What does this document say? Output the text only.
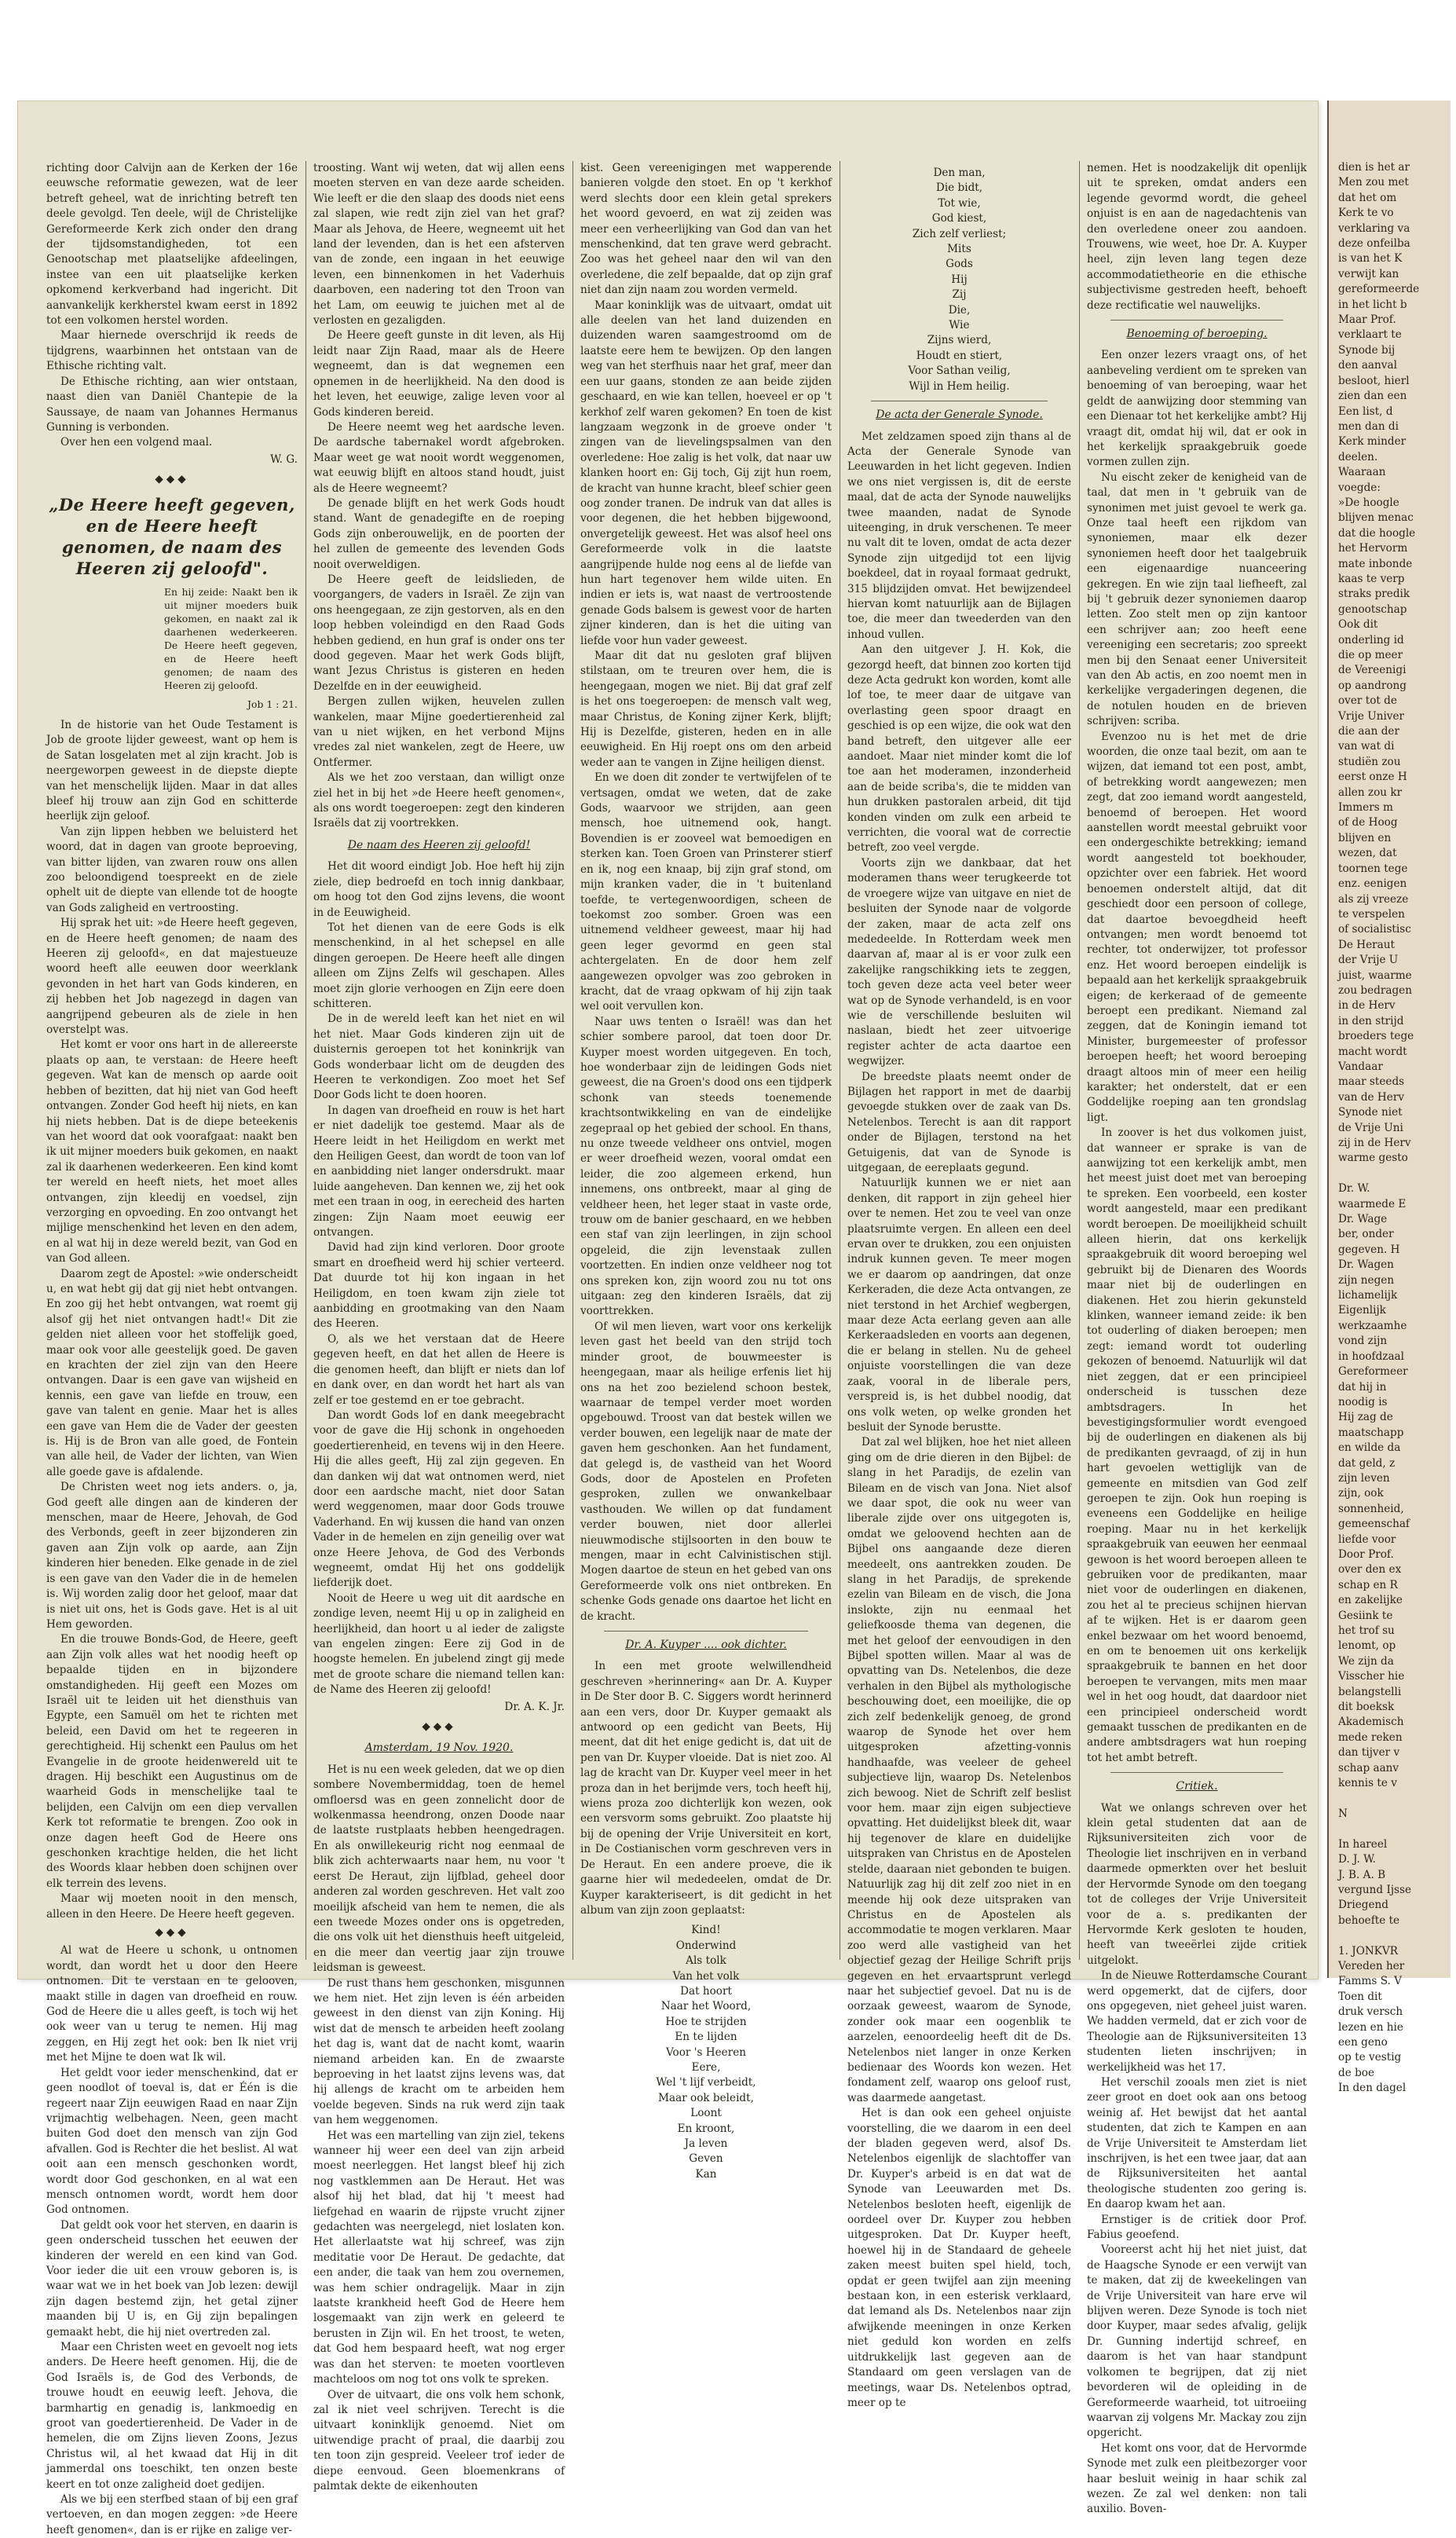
richting door Calvijn aan de Kerken der 16e eeuwsche reformatie gewezen, wat de leer betreft geheel, wat de inrichting betreft ten deele gevolgd. Ten deele, wijl de Christelijke Gereformeerde Kerk zich onder den drang der tijdsomstandigheden, tot een Genootschap met plaatselijke afdeelingen, instee van een uit plaatselijke kerken opkomend kerkverband had ingericht. Dit aanvankelijk kerkherstel kwam eerst in 1892 tot een volkomen herstel worden.

Maar hiernede overschrijd ik reeds de tijdgrens, waarbinnen het ontstaan van de Ethische richting valt.

De Ethische richting, aan wier ontstaan, naast dien van Daniël Chantepie de la Saussaye, de naam van Johannes Hermanus Gunning is verbonden.

Over hen een volgend maal.

W. G.
◆◆◆
„De Heere heeft gegeven, en de Heere heeft genomen, de naam des Heeren zij geloofd".
En hij zeide: Naakt ben ik uit mijner moeders buik gekomen, en naakt zal ik daarhenen wederkeeren. De Heere heeft gegeven, en de Heere heeft genomen; de naam des Heeren zij geloofd.
Job 1 : 21.

In de historie van het Oude Testament is Job de groote lijder geweest, want op hem is de Satan losgelaten met al zijn kracht. Job is neergeworpen geweest in de diepste diepte van het menschelijk lijden. Maar in dat alles bleef hij trouw aan zijn God en schitterde heerlijk zijn geloof.

Van zijn lippen hebben we beluisterd het woord, dat in dagen van groote beproeving, van bitter lijden, van zwaren rouw ons allen zoo beloondigend toespreekt en de ziele ophelt uit de diepte van ellende tot de hoogte van Gods zaligheid en vertroosting.

Hij sprak het uit: »de Heere heeft gegeven, en de Heere heeft genomen; de naam des Heeren zij geloofd«, en dat majestueuze woord heeft alle eeuwen door weerklank gevonden in het hart van Gods kinderen, en zij hebben het Job nagezegd in dagen van aangrijpend gebeuren als de ziele in hen overstelpt was.

Het komt er voor ons hart in de allereerste plaats op aan, te verstaan: de Heere heeft gegeven. Wat kan de mensch op aarde ooit hebben of bezitten, dat hij niet van God heeft ontvangen. Zonder God heeft hij niets, en kan hij niets hebben. Dat is de diepe beteekenis van het woord dat ook voorafgaat: naakt ben ik uit mijner moeders buik gekomen, en naakt zal ik daarhenen wederkeeren. Een kind komt ter wereld en heeft niets, het moet alles ontvangen, zijn kleedij en voedsel, zijn verzorging en opvoeding. En zoo ontvangt het mijlige menschenkind het leven en den adem, en al wat hij in deze wereld bezit, van God en van God alleen.

Daarom zegt de Apostel: »wie onderscheidt u, en wat hebt gij dat gij niet hebt ontvangen. En zoo gij het hebt ontvangen, wat roemt gij alsof gij het niet ontvangen hadt!« Dit zie gelden niet alleen voor het stoffelijk goed, maar ook voor alle geestelijk goed. De gaven en krachten der ziel zijn van den Heere ontvangen. Daar is een gave van wijsheid en kennis, een gave van liefde en trouw, een gave van talent en genie. Maar het is alles een gave van Hem die de Vader der geesten is. Hij is de Bron van alle goed, de Fontein van alle heil, de Vader der lichten, van Wien alle goede gave is afdalende.

De Christen weet nog iets anders. o, ja, God geeft alle dingen aan de kinderen der menschen, maar de Heere, Jehovah, de God des Verbonds, geeft in zeer bijzonderen zin gaven aan Zijn volk op aarde, aan Zijn kinderen hier beneden. Elke genade in de ziel is een gave van den Vader die in de hemelen is. Wij worden zalig door het geloof, maar dat is niet uit ons, het is Gods gave. Het is al uit Hem geworden.

En die trouwe Bonds-God, de Heere, geeft aan Zijn volk alles wat het noodig heeft op bepaalde tijden en in bijzondere omstandigheden. Hij geeft een Mozes om Israël uit te leiden uit het diensthuis van Egypte, een Samuël om het te richten met beleid, een David om het te regeeren in gerechtigheid. Hij schenkt een Paulus om het Evangelie in de groote heidenwereld uit te dragen. Hij beschikt een Augustinus om de waarheid Gods in menschelijke taal te belijden, een Calvijn om een diep vervallen Kerk tot reformatie te brengen. Zoo ook in onze dagen heeft God de Heere ons geschonken krachtige helden, die het licht des Woords klaar hebben doen schijnen over elk terrein des levens.

Maar wij moeten nooit in den mensch, alleen in den Heere. De Heere heeft gegeven.

◆◆◆

Al wat de Heere u schonk, u ontnomen wordt, dan wordt het u door den Heere ontnomen. Dit te verstaan en te gelooven, maakt stille in dagen van droefheid en rouw. God de Heere die u alles geeft, is toch wij het ook weer van u terug te nemen. Hij mag zeggen, en Hij zegt het ook: ben Ik niet vrij met het Mijne te doen wat Ik wil.

Het geldt voor ieder menschenkind, dat er geen noodlot of toeval is, dat er Één is die regeert naar Zijn eeuwigen Raad en naar Zijn vrijmachtig welbehagen. Neen, geen macht buiten God doet den mensch van zijn God afvallen. God is Rechter die het beslist. Al wat ooit aan een mensch geschonken wordt, wordt door God geschonken, en al wat een mensch ontnomen wordt, wordt hem door God ontnomen.

Dat geldt ook voor het sterven, en daarin is geen onderscheid tusschen het eeuwen der kinderen der wereld en een kind van God. Voor ieder die uit een vrouw geboren is, is waar wat we in het boek van Job lezen: dewijl zijn dagen bestemd zijn, het getal zijner maanden bij U is, en Gij zijn bepalingen gemaakt hebt, die hij niet overtreden zal.

Maar een Christen weet en gevoelt nog iets anders. De Heere heeft genomen. Hij, die de God Israëls is, de God des Verbonds, de trouwe houdt en eeuwig leeft. Jehova, die barmhartig en genadig is, lankmoedig en groot van goedertierenheid. De Vader in de hemelen, die om Zijns lieven Zoons, Jezus Christus wil, al het kwaad dat Hij in dit jammerdal ons toeschikt, ten onzen beste keert en tot onze zaligheid doet gedijen.

Als we bij een sterfbed staan of bij een graf vertoeven, en dan mogen zeggen: »de Heere heeft genomen«, dan is er rijke en zalige ver-

troosting. Want wij weten, dat wij allen eens moeten sterven en van deze aarde scheiden. Wie leeft er die den slaap des doods niet eens zal slapen, wie redt zijn ziel van het graf? Maar als Jehova, de Heere, wegneemt uit het land der levenden, dan is het een afsterven van de zonde, een ingaan in het eeuwige leven, een binnenkomen in het Vaderhuis daarboven, een nadering tot den Troon van het Lam, om eeuwig te juichen met al de verlosten en gezaligden.

De Heere geeft gunste in dit leven, als Hij leidt naar Zijn Raad, maar als de Heere wegneemt, dan is dat wegnemen een opnemen in de heerlijkheid. Na den dood is het leven, het eeuwige, zalige leven voor al Gods kinderen bereid.

De Heere neemt weg het aardsche leven. De aardsche tabernakel wordt afgebroken. Maar weet ge wat nooit wordt weggenomen, wat eeuwig blijft en altoos stand houdt, juist als de Heere wegneemt?

De genade blijft en het werk Gods houdt stand. Want de genadegifte en de roeping Gods zijn onberouwelijk, en de poorten der hel zullen de gemeente des levenden Gods nooit overweldigen.

De Heere geeft de leidslieden, de voorgangers, de vaders in Israël. Ze zijn van ons heengegaan, ze zijn gestorven, als en den loop hebben voleindigd en den Raad Gods hebben gediend, en hun graf is onder ons ter dood gegeven. Maar het werk Gods blijft, want Jezus Christus is gisteren en heden Dezelfde en in der eeuwigheid.

Bergen zullen wijken, heuvelen zullen wankelen, maar Mijne goedertierenheid zal van u niet wijken, en het verbond Mijns vredes zal niet wankelen, zegt de Heere, uw Ontfermer.

Als we het zoo verstaan, dan willigt onze ziel het in bij het »de Heere heeft genomen«, als ons wordt toegeroepen: zegt den kinderen Israëls dat zij voortrekken.

De naam des Heeren zij geloofd!

Het dit woord eindigt Job. Hoe heft hij zijn ziele, diep bedroefd en toch innig dankbaar, om hoog tot den God zijns levens, die woont in de Eeuwigheid.

Tot het dienen van de eere Gods is elk menschenkind, in al het schepsel en alle dingen geroepen. De Heere heeft alle dingen alleen om Zijns Zelfs wil geschapen. Alles moet zijn glorie verhoogen en Zijn eere doen schitteren.

De in de wereld leeft kan het niet en wil het niet. Maar Gods kinderen zijn uit de duisternis geroepen tot het koninkrijk van Gods wonderbaar licht om de deugden des Heeren te verkondigen. Zoo moet het Sef Door Gods licht te doen hooren.

In dagen van droefheid en rouw is het hart er niet dadelijk toe gestemd. Maar als de Heere leidt in het Heiligdom en werkt met den Heiligen Geest, dan wordt de toon van lof en aanbidding niet langer ondersdrukt. maar luide aangeheven. Dan kennen we, zij het ook met een traan in oog, in eerecheid des harten zingen: Zijn Naam moet eeuwig eer ontvangen.

David had zijn kind verloren. Door groote smart en droefheid werd hij schier verteerd. Dat duurde tot hij kon ingaan in het Heiligdom, en toen kwam zijn ziele tot aanbidding en grootmaking van den Naam des Heeren.

O, als we het verstaan dat de Heere gegeven heeft, en dat het allen de Heere is die genomen heeft, dan blijft er niets dan lof en dank over, en dan wordt het hart als van zelf er toe gestemd en er toe gebracht.

Dan wordt Gods lof en dank meegebracht voor de gave die Hij schonk in ongehoeden goedertierenheid, en tevens wij in den Heere. Hij die alles geeft, Hij zal zijn gegeven. En dan danken wij dat wat ontnomen werd, niet door een aardsche macht, niet door Satan werd weggenomen, maar door Gods trouwe Vaderhand. En wij kussen die hand van onzen Vader in de hemelen en zijn geneilig over wat onze Heere Jehova, de God des Verbonds wegneemt, omdat Hij het ons goddelijk liefderijk doet.

Nooit de Heere u weg uit dit aardsche en zondige leven, neemt Hij u op in zaligheid en heerlijkheid, dan hoort u al ieder de zaligste van engelen zingen: Eere zij God in de hoogste hemelen. En jubelend zingt gij mede met de groote schare die niemand tellen kan: de Name des Heeren zij geloofd!

Dr. A. K. Jr.
◆◆◆
Amsterdam, 19 Nov. 1920.

Het is nu een week geleden, dat we op dien sombere Novembermiddag, toen de hemel omfloersd was en geen zonnelicht door de wolkenmassa heendrong, onzen Doode naar de laatste rustplaats hebben heengedragen. En als onwillekeurig richt nog eenmaal de blik zich achterwaarts naar hem, nu voor 't eerst De Heraut, zijn lijfblad, geheel door anderen zal worden geschreven. Het valt zoo moeilijk afscheid van hem te nemen, die als een tweede Mozes onder ons is opgetreden, die ons volk uit het diensthuis heeft uitgeleid, en die meer dan veertig jaar zijn trouwe leidsman is geweest.

De rust thans hem geschonken, misgunnen we hem niet. Het zijn leven is één arbeiden geweest in den dienst van zijn Koning. Hij wist dat de mensch te arbeiden heeft zoolang het dag is, want dat de nacht komt, waarin niemand arbeiden kan. En de zwaarste beproeving in het laatst zijns levens was, dat hij allengs de kracht om te arbeiden hem voelde begeven. Sinds na ruk werd zijn taak van hem weggenomen.

Het was een martelling van zijn ziel, tekens wanneer hij weer een deel van zijn arbeid moest neerleggen. Het langst bleef hij zich nog vastklemmen aan De Heraut. Het was alsof hij het blad, dat hij 't meest had liefgehad en waarin de rijpste vrucht zijner gedachten was neergelegd, niet loslaten kon. Het allerlaatste wat hij schreef, was zijn meditatie voor De Heraut. De gedachte, dat een ander, die taak van hem zou overnemen, was hem schier ondragelijk. Maar in zijn laatste krankheid heeft God de Heere hem losgemaakt van zijn werk en geleerd te berusten in Zijn wil. En het troost, te weten, dat God hem bespaard heeft, wat nog erger was dan het sterven: te moeten voortleven machteloos om nog tot ons volk te spreken.

Over de uitvaart, die ons volk hem schonk, zal ik niet veel schrijven. Terecht is die uitvaart koninklijk genoemd. Niet om uitwendige pracht of praal, die daarbij zou ten toon zijn gespreid. Veeleer trof ieder de diepe eenvoud. Geen bloemenkrans of palmtak dekte de eikenhouten

kist. Geen vereenigingen met wapperende banieren volgde den stoet. En op 't kerkhof werd slechts door een klein getal sprekers het woord gevoerd, en wat zij zeiden was meer een verheerlijking van God dan van het menschenkind, dat ten grave werd gebracht. Zoo was het geheel naar den wil van den overledene, die zelf bepaalde, dat op zijn graf niet dan zijn naam zou worden vermeld.

Maar koninklijk was de uitvaart, omdat uit alle deelen van het land duizenden en duizenden waren saamgestroomd om de laatste eere hem te bewijzen. Op den langen weg van het sterfhuis naar het graf, meer dan een uur gaans, stonden ze aan beide zijden geschaard, en wie kan tellen, hoeveel er op 't kerkhof zelf waren gekomen? En toen de kist langzaam wegzonk in de groeve onder 't zingen van de lievelingspsalmen van den overledene: Hoe zalig is het volk, dat naar uw klanken hoort en: Gij toch, Gij zijt hun roem, de kracht van hunne kracht, bleef schier geen oog zonder tranen. De indruk van dat alles is voor degenen, die het hebben bijgewoond, onvergetelijk geweest. Het was alsof heel ons Gereformeerde volk in die laatste aangrijpende hulde nog eens al de liefde van hun hart tegenover hem wilde uiten. En indien er iets is, wat naast de vertroostende genade Gods balsem is gewest voor de harten zijner kinderen, dan is het die uiting van liefde voor hun vader geweest.

Maar dit dat nu gesloten graf blijven stilstaan, om te treuren over hem, die is heengegaan, mogen we niet. Bij dat graf zelf is het ons toegeroepen: de mensch valt weg, maar Christus, de Koning zijner Kerk, blijft; Hij is Dezelfde, gisteren, heden en in alle eeuwigheid. En Hij roept ons om den arbeid weder aan te vangen in Zijne heiligen dienst.

En we doen dit zonder te vertwijfelen of te vertsagen, omdat we weten, dat de zake Gods, waarvoor we strijden, aan geen mensch, hoe uitnemend ook, hangt. Bovendien is er zooveel wat bemoedigen en sterken kan. Toen Groen van Prinsterer stierf en ik, nog een knaap, bij zijn graf stond, om mijn kranken vader, die in 't buitenland toefde, te vertegenwoordigen, scheen de toekomst zoo somber. Groen was een uitnemend veldheer geweest, maar hij had geen leger gevormd en geen stal achtergelaten. En de door hem zelf aangewezen opvolger was zoo gebroken in kracht, dat de vraag opkwam of hij zijn taak wel ooit vervullen kon.

Naar uws tenten o Israël! was dan het schier sombere parool, dat toen door Dr. Kuyper moest worden uitgegeven. En toch, hoe wonderbaar zijn de leidingen Gods niet geweest, die na Groen's dood ons een tijdperk schonk van steeds toenemende krachtsontwikkeling en van de eindelijke zegepraal op het gebied der school. En thans, nu onze tweede veldheer ons ontviel, mogen er weer droefheid wezen, vooral omdat een leider, die zoo algemeen erkend, hun innemens, ons ontbreekt, maar al ging de veldheer heen, het leger staat in vaste orde, trouw om de banier geschaard, en we hebben een staf van zijn leerlingen, in zijn school opgeleid, die zijn levenstaak zullen voortzetten. En indien onze veldheer nog tot ons spreken kon, zijn woord zou nu tot ons uitgaan: zeg den kinderen Israëls, dat zij voorttrekken.

Of wil men lieven, wart voor ons kerkelijk leven gast het beeld van den strijd toch minder groot, de bouwmeester is heengegaan, maar als heilige erfenis liet hij ons na het zoo bezielend schoon bestek, waarnaar de tempel verder moet worden opgebouwd. Troost van dat bestek willen we verder bouwen, een legelijk naar de mate der gaven hem geschonken. Aan het fundament, dat gelegd is, de vastheid van het Woord Gods, door de Apostelen en Profeten gesproken, zullen we onwankelbaar vasthouden. We willen op dat fundament verder bouwen, niet door allerlei nieuwmodische stijlsoorten in den bouw te mengen, maar in echt Calvinistischen stijl. Mogen daartoe de steun en het gebed van ons Gereformeerde volk ons niet ontbreken. En schenke Gods genade ons daartoe het licht en de kracht.

Dr. A. Kuyper .... ook dichter.

In een met groote welwillendheid geschreven »herinnering« aan Dr. A. Kuyper in De Ster door B. C. Siggers wordt herinnerd aan een vers, door Dr. Kuyper gemaakt als antwoord op een gedicht van Beets, Hij meent, dat dit het enige gedicht is, dat uit de pen van Dr. Kuyper vloeide. Dat is niet zoo. Al lag de kracht van Dr. Kuyper veel meer in het proza dan in het berijmde vers, toch heeft hij, wiens proza zoo dichterlijk kon wezen, ook een versvorm soms gebruikt. Zoo plaatste hij bij de opening der Vrije Universiteit en kort, in De Costianischen vorm geschreven vers in De Heraut. En een andere proeve, die ik gaarne hier wil mededeelen, omdat de Dr. Kuyper karakteriseert, is dit gedicht in het album van zijn zoon geplaatst:

Kind!
Onderwind
Als tolk
Van het volk
Dat hoort
Naar het Woord,
Hoe te strijden
En te lijden
Voor 's Heeren
Eere,
Wel 't lijf verbeidt,
Maar ook beleidt,
Loont
En kroont,
Ja leven
Geven
Kan
Den man,
Die bidt,
Tot wie,
God kiest,
Zich zelf verliest;
Mits
Gods
Hij
Zij
Die,
Wie
Zijns wierd,
Houdt en stiert,
Voor Sathan veilig,
Wijl in Hem heilig.
De acta der Generale Synode.

Met zeldzamen spoed zijn thans al de Acta der Generale Synode van Leeuwarden in het licht gegeven. Indien we ons niet vergissen is, dit de eerste maal, dat de acta der Synode nauwelijks twee maanden, nadat de Synode uiteenging, in druk verschenen. Te meer nu valt dit te loven, omdat de acta dezer Synode zijn uitgedijd tot een lijvig boekdeel, dat in royaal formaat gedrukt, 315 blijdzijden omvat. Het bewijzendeel hiervan komt natuurlijk aan de Bijlagen toe, die meer dan tweederden van den inhoud vullen.

Aan den uitgever J. H. Kok, die gezorgd heeft, dat binnen zoo korten tijd deze Acta gedrukt kon worden, komt alle lof toe, te meer daar de uitgave van overlasting geen spoor draagt en geschied is op een wijze, die ook wat den band betreft, den uitgever alle eer aandoet. Maar niet minder komt die lof toe aan het moderamen, inzonderheid aan de beide scriba's, die te midden van hun drukken pastoralen arbeid, dit tijd konden vinden om zulk een arbeid te verrichten, die vooral wat de correctie betreft, zoo veel vergde.

Voorts zijn we dankbaar, dat het moderamen thans weer terugkeerde tot de vroegere wijze van uitgave en niet de besluiten der Synode naar de volgorde der zaken, maar de acta zelf ons mededeelde. In Rotterdam week men daarvan af, maar al is er voor zulk een zakelijke rangschikking iets te zeggen, toch geven deze acta veel beter weer wat op de Synode verhandeld, is en voor wie de verschillende besluiten wil naslaan, biedt het zeer uitvoerige register achter de acta daartoe een wegwijzer.

De breedste plaats neemt onder de Bijlagen het rapport in met de daarbij gevoegde stukken over de zaak van Ds. Netelenbos. Terecht is aan dit rapport onder de Bijlagen, terstond na het Getuigenis, dat van de Synode is uitgegaan, de eereplaats gegund.

Natuurlijk kunnen we er niet aan denken, dit rapport in zijn geheel hier over te nemen. Het zou te veel van onze plaatsruimte vergen. En alleen een deel ervan over te drukken, zou een onjuisten indruk kunnen geven. Te meer mogen we er daarom op aandringen, dat onze Kerkeraden, die deze Acta ontvangen, ze niet terstond in het Archief wegbergen, maar deze Acta eerlang geven aan alle Kerkeraadsleden en voorts aan degenen, die er belang in stellen. Nu de geheel onjuiste voorstellingen die van deze zaak, vooral in de liberale pers, verspreid is, is het dubbel noodig, dat ons volk weten, op welke gronden het besluit der Synode berustte.

Dat zal wel blijken, hoe het niet alleen ging om de drie dieren in den Bijbel: de slang in het Paradijs, de ezelin van Bileam en de visch van Jona. Niet alsof we daar spot, die ook nu weer van liberale zijde over ons uitgegoten is, omdat we geloovend hechten aan de Bijbel ons aangaande deze dieren meedeelt, ons aantrekken zouden. De slang in het Paradijs, de sprekende ezelin van Bileam en de visch, die Jona inslokte, zijn nu eenmaal het geliefkoosde thema van degenen, die met het geloof der eenvoudigen in den Bijbel spotten willen. Maar al was de opvatting van Ds. Netelenbos, die deze verhalen in den Bijbel als mythologische beschouwing doet, een moeilijke, die op zich zelf bedenkelijk genoeg, de grond waarop de Synode het over hem uitgesproken afzetting-vonnis handhaafde, was veeleer de geheel subjectieve lijn, waarop Ds. Netelenbos zich bewoog. Niet de Schrift zelf beslist voor hem. maar zijn eigen subjectieve opvatting. Het duidelijkst bleek dit, waar hij tegenover de klare en duidelijke uitspraken van Christus en de Apostelen stelde, daaraan niet gebonden te buigen. Natuurlijk zag hij dit zelf zoo niet in en meende hij ook deze uitspraken van Christus en de Apostelen als accommodatie te mogen verklaren. Maar zoo werd alle vastigheid van het objectief gezag der Heilige Schrift prijs gegeven en het ervaartsprunt verlegd naar het subjectief gevoel. Dat nu is de oorzaak geweest, waarom de Synode, zonder ook maar een oogenblik te aarzelen, eenoordeelig heeft dit de Ds. Netelenbos niet langer in onze Kerken bedienaar des Woords kon wezen. Het fondament zelf, waarop ons geloof rust, was daarmede aangetast.

Het is dan ook een geheel onjuiste voorstelling, die we daarom in een deel der bladen gegeven werd, alsof Ds. Netelenbos eigenlijk de slachtoffer van Dr. Kuyper's arbeid is en dat wat de Synode van Leeuwarden met Ds. Netelenbos besloten heeft, eigenlijk de oordeel over Dr. Kuyper zou hebben uitgesproken. Dat Dr. Kuyper heeft, hoewel hij in de Standaard de geheele zaken meest buiten spel hield, toch, opdat er geen twijfel aan zijn meening bestaan kon, in een esterisk verklaard, dat lemand als Ds. Netelenbos naar zijn afwijkende meeningen in onze Kerken niet geduld kon worden en zelfs uitdrukkelijk last gegeven aan de Standaard om geen verslagen van de meetings, waar Ds. Netelenbos optrad, meer op te

nemen. Het is noodzakelijk dit openlijk uit te spreken, omdat anders een legende gevormd wordt, die geheel onjuist is en aan de nagedachtenis van den overledene oneer zou aandoen. Trouwens, wie weet, hoe Dr. A. Kuyper heel, zijn leven lang tegen deze accommodatietheorie en die ethische subjectivisme gestreden heeft, behoeft deze rectificatie wel nauwelijks.

Benoeming of beroeping.

Een onzer lezers vraagt ons, of het aanbeveling verdient om te spreken van benoeming of van beroeping, waar het geldt de aanwijzing door stemming van een Dienaar tot het kerkelijke ambt? Hij vraagt dit, omdat hij wil, dat er ook in het kerkelijk spraakgebruik goede vormen zullen zijn.

Nu eischt zeker de kenigheid van de taal, dat men in 't gebruik van de synonimen met juist gevoel te werk ga. Onze taal heeft een rijkdom van synoniemen, maar elk dezer synoniemen heeft door het taalgebruik een eigenaardige nuanceering gekregen. En wie zijn taal liefheeft, zal bij 't gebruik dezer synoniemen daarop letten. Zoo stelt men op zijn kantoor een schrijver aan; zoo heeft eene vereeniging een secretaris; zoo spreekt men bij den Senaat eener Universiteit van den Ab actis, en zoo noemt men in kerkelijke vergaderingen degenen, die de notulen houden en de brieven schrijven: scriba.

Evenzoo nu is het met de drie woorden, die onze taal bezit, om aan te wijzen, dat iemand tot een post, ambt, of betrekking wordt aangewezen; men zegt, dat zoo iemand wordt aangesteld, benoemd of beroepen. Het woord aanstellen wordt meestal gebruikt voor een ondergeschikte betrekking; iemand wordt aangesteld tot boekhouder, opzichter over een fabriek. Het woord benoemen onderstelt altijd, dat dit geschiedt door een persoon of college, dat daartoe bevoegdheid heeft ontvangen; men wordt benoemd tot rechter, tot onderwijzer, tot professor enz. Het woord beroepen eindelijk is bepaald aan het kerkelijk spraakgebruik eigen; de kerkeraad of de gemeente beroept een predikant. Niemand zal zeggen, dat de Koningin iemand tot Minister, burgemeester of professor beroepen heeft; het woord beroeping draagt altoos min of meer een heilig karakter; het onderstelt, dat er een Goddelijke roeping aan ten grondslag ligt.

In zoover is het dus volkomen juist, dat wanneer er sprake is van de aanwijzing tot een kerkelijk ambt, men het meest juist doet met van beroeping te spreken. Een voorbeeld, een koster wordt aangesteld, maar een predikant wordt beroepen. De moeilijkheid schuilt alleen hierin, dat ons kerkelijk spraakgebruik dit woord beroeping wel gebruikt bij de Dienaren des Woords maar niet bij de ouderlingen en diakenen. Het zou hierin gekunsteld klinken, wanneer iemand zeide: ik ben tot ouderling of diaken beroepen; men zegt: iemand wordt tot ouderling gekozen of benoemd. Natuurlijk wil dat niet zeggen, dat er een principieel onderscheid is tusschen deze ambtsdragers. In het bevestigingsformulier wordt evengoed bij de ouderlingen en diakenen als bij de predikanten gevraagd, of zij in hun hart gevoelen wettiglijk van de gemeente en mitsdien van God zelf geroepen te zijn. Ook hun roeping is eveneens een Goddelijke en heilige roeping. Maar nu in het kerkelijk spraakgebruik van eeuwen her eenmaal gewoon is het woord beroepen alleen te gebruiken voor de predikanten, maar niet voor de ouderlingen en diakenen, zou het al te precieus schijnen hiervan af te wijken. Het is er daarom geen enkel bezwaar om het woord benoemd, en om te benoemen uit ons kerkelijk spraakgebruik te bannen en het door beroepen te vervangen, mits men maar wel in het oog houdt, dat daardoor niet een principieel onderscheid wordt gemaakt tusschen de predikanten en de andere ambtsdragers wat hun roeping tot het ambt betreft.

Critiek.

Wat we onlangs schreven over het klein getal studenten dat aan de Rijksuniversiteiten zich voor de Theologie liet inschrijven en in verband daarmede opmerkten over het besluit der Hervormde Synode om den toegang tot de colleges der Vrije Universiteit voor de a. s. predikanten der Hervormde Kerk gesloten te houden, heeft van tweeërlei zijde critiek uitgelokt.

In de Nieuwe Rotterdamsche Courant werd opgemerkt, dat de cijfers, door ons opgegeven, niet geheel juist waren. We hadden vermeld, dat er zich voor de Theologie aan de Rijksuniversiteiten 13 studenten lieten inschrijven; in werkelijkheid was het 17.

Het verschil zooals men ziet is niet zeer groot en doet ook aan ons betoog weinig af. Het bewijst dat het aantal studenten, dat zich te Kampen en aan de Vrije Universiteit te Amsterdam liet inschrijven, is het een twee jaar, dat aan de Rijksuniversiteiten het aantal theologische studenten zoo gering is. En daarop kwam het aan.

Ernstiger is de critiek door Prof. Fabius geoefend.

Vooreerst acht hij het niet juist, dat de Haagsche Synode er een verwijt van te maken, dat zij de kweekelingen van de Vrije Universiteit van hare erve wil blijven weren. Deze Synode is toch niet door Kuyper, maar sedes afvalig, gelijk Dr. Gunning indertijd schreef, en daarom is het van haar standpunt volkomen te begrijpen, dat zij niet bevorderen wil de opleiding in de Gereformeerde waarheid, tot uitroeiing waarvan zij volgens Mr. Mackay zou zijn opgericht.

Het komt ons voor, dat de Hervormde Synode met zulk een pleitbezorger voor haar besluit weinig in haar schik zal wezen. Ze zal wel denken: non tali auxilio. Boven-

dien is het ar
Men zou met
dat het om
Kerk te vo
verklaring va
deze onfeilba
is van het K
verwijt kan
gereformeerde
in het licht b
Maar Prof.
verklaart te
Synode bij
den aanval
besloot, hierl
zien dan een
Een list, d
men dan di
Kerk minder
deelen.
Waaraan
voegde:
»De hoogle
blijven menac
dat die hoogle
het Hervorm
mate inbonde
kaas te verp
straks predik
genootschap
Ook dit
onderling id
die op meer
de Vereenigi
op aandrong
over tot de
Vrije Univer
die aan der
van wat di
studiën zou
eerst onze H
allen zou kr
Immers m
of de Hoog
blijven en
wezen, dat
toornen tege
enz. eenigen
als zij vreeze
te verspelen
of socialistisc
De Heraut
der Vrije U
juist, waarme
zou bedragen
in de Herv
in den strijd
broeders tege
macht wordt
Vandaar
maar steeds
van de Herv
Synode niet
de Vrije Uni
zij in de Herv
warme gesto

Dr. W.
waarmede E
Dr. Wage
ber, onder
gegeven. H
Dr. Wagen
zijn negen
lichamelijk
Eigenlijk
werkzaamhe
vond zijn
in hoofdzaal
Gereformeer
dat hij in
noodig is
Hij zag de
maatschapp
en wilde da
dat geld, z
zijn leven
zijn, ook
sonnenheid,
gemeenschaf
liefde voor
Door Prof.
over den ex
schap en R
en zakelijke
Gesiink te
het trof su
lenomt, op
We zijn da
Visscher hie
belangstelli
dit boeksk
Akademisch
mede reken
dan tijver v
schap aanv
kennis te v

N

In hareel
D. J. W.
J. B. A. B
vergund Ijsse
Driegend
behoefte te

1. JONKVR
Vereden her
Famms S. V
Toen dit
druk versch
lezen en hie
een geno
op te vestig
de boe
In den dagel
